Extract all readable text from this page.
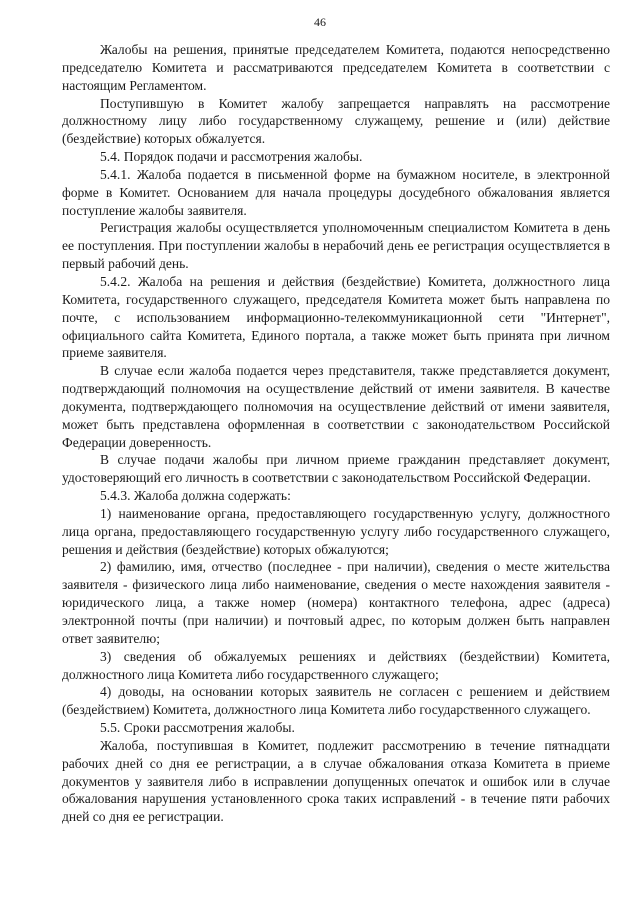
46

Жалобы на решения, принятые председателем Комитета, подаются непосредственно председателю Комитета и рассматриваются председателем Комитета в соответствии с настоящим Регламентом.

Поступившую в Комитет жалобу запрещается направлять на рассмотрение должностному лицу либо государственному служащему, решение и (или) действие (бездействие) которых обжалуется.

5.4. Порядок подачи и рассмотрения жалобы.

5.4.1. Жалоба подается в письменной форме на бумажном носителе, в электронной форме в Комитет. Основанием для начала процедуры досудебного обжалования является поступление жалобы заявителя.

Регистрация жалобы осуществляется уполномоченным специалистом Комитета в день ее поступления. При поступлении жалобы в нерабочий день ее регистрация осуществляется в первый рабочий день.

5.4.2. Жалоба на решения и действия (бездействие) Комитета, должностного лица Комитета, государственного служащего, председателя Комитета может быть направлена по почте, с использованием информационно-телекоммуникационной сети "Интернет", официального сайта Комитета, Единого портала, а также может быть принята при личном приеме заявителя.

В случае если жалоба подается через представителя, также представляется документ, подтверждающий полномочия на осуществление действий от имени заявителя. В качестве документа, подтверждающего полномочия на осуществление действий от имени заявителя, может быть представлена оформленная в соответствии с законодательством Российской Федерации доверенность.

В случае подачи жалобы при личном приеме гражданин представляет документ, удостоверяющий его личность в соответствии с законодательством Российской Федерации.

5.4.3. Жалоба должна содержать:

1) наименование органа, предоставляющего государственную услугу, должностного лица органа, предоставляющего государственную услугу либо государственного служащего, решения и действия (бездействие) которых обжалуются;

2) фамилию, имя, отчество (последнее - при наличии), сведения о месте жительства заявителя - физического лица либо наименование, сведения о месте нахождения заявителя - юридического лица, а также номер (номера) контактного телефона, адрес (адреса) электронной почты (при наличии) и почтовый адрес, по которым должен быть направлен ответ заявителю;

3) сведения об обжалуемых решениях и действиях (бездействии) Комитета, должностного лица Комитета либо государственного служащего;

4) доводы, на основании которых заявитель не согласен с решением и действием (бездействием) Комитета, должностного лица Комитета либо государственного служащего.

5.5. Сроки рассмотрения жалобы.

Жалоба, поступившая в Комитет, подлежит рассмотрению в течение пятнадцати рабочих дней со дня ее регистрации, а в случае обжалования отказа Комитета в приеме документов у заявителя либо в исправлении допущенных опечаток и ошибок или в случае обжалования нарушения установленного срока таких исправлений - в течение пяти рабочих дней со дня ее регистрации.
